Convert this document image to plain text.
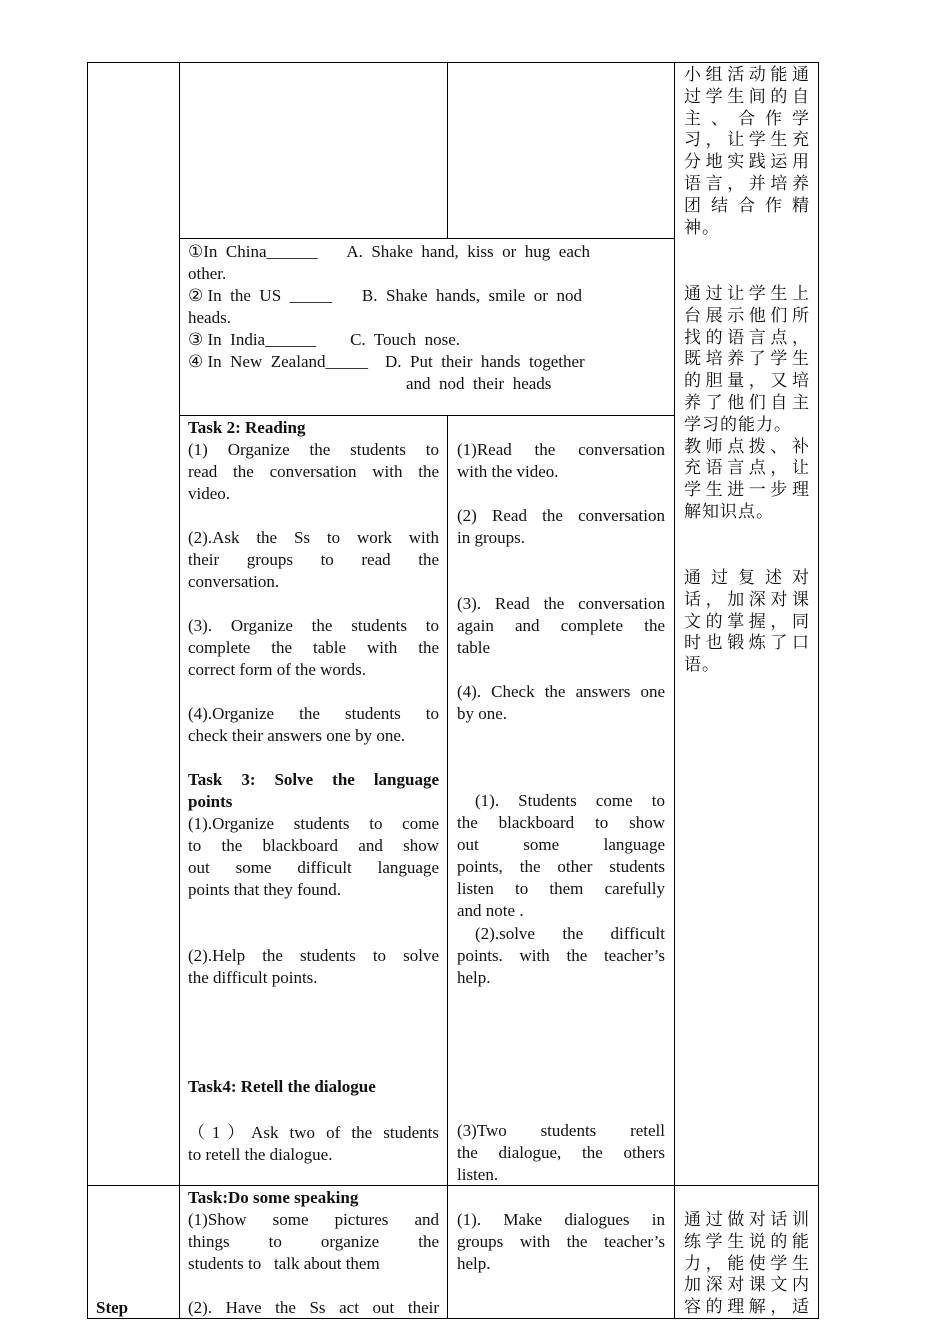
小组活动能通
过学生间的自
主 、 合 作 学
习，让学生充
分地实践运用
语言，并培养
团 结 合 作 精
神。
通过让学生上
台展示他们所
找的语言点，
既培养了学生
的胆量，又培
养了他们自主
学习的能力。
教师点拨、补
充语言点，让
学生进一步理
解知识点。
通 过 复 述 对
话，加深对课
文的掌握，同
时也锻炼了口
语。
通过做对话训
练学生说的能
力，能使学生
加深对课文内
容的理解，适
①In  China______       A.  Shake  hand,  kiss  or  hug  each
other.
② In  the  US  _____       B.  Shake  hands,  smile  or  nod
heads.
③ In  India______        C.  Touch  nose.
④ In  New  Zealand_____    D.  Put  their  hands  together
and  nod  their  heads
Task 2: Reading
(1) Organize the students to
read the conversation with the
video.
(2).Ask the Ss to work with
their groups to read the
conversation.
(3). Organize the students to
complete the table with the
correct form of the words.
(4).Organize the students to
check their answers one by one.
Task 3: Solve the language
points
(1).Organize students to come
to the blackboard and show
out some difficult language
points that they found.
(2).Help the students to solve
the difficult points.
Task4: Retell the dialogue
（1）Ask two of the students
to retell the dialogue.
Task:Do some speaking
(1)Show some pictures and
things to organize the
students to   talk about them
(2). Have the Ss act out their
(1)Read the conversation
with the video.
(2) Read the conversation
in groups.
(3). Read the conversation
again and complete the
table
(4). Check the answers one
by one.
(1). Students come to
the blackboard to show
out some language
points, the other students
listen to them carefully
and note .
(2).solve the difficult
points. with the teacher’s
help.
(3)Two students retell
the dialogue, the others
listen.
(1). Make dialogues in
groups with the teacher’s
help.
Step
